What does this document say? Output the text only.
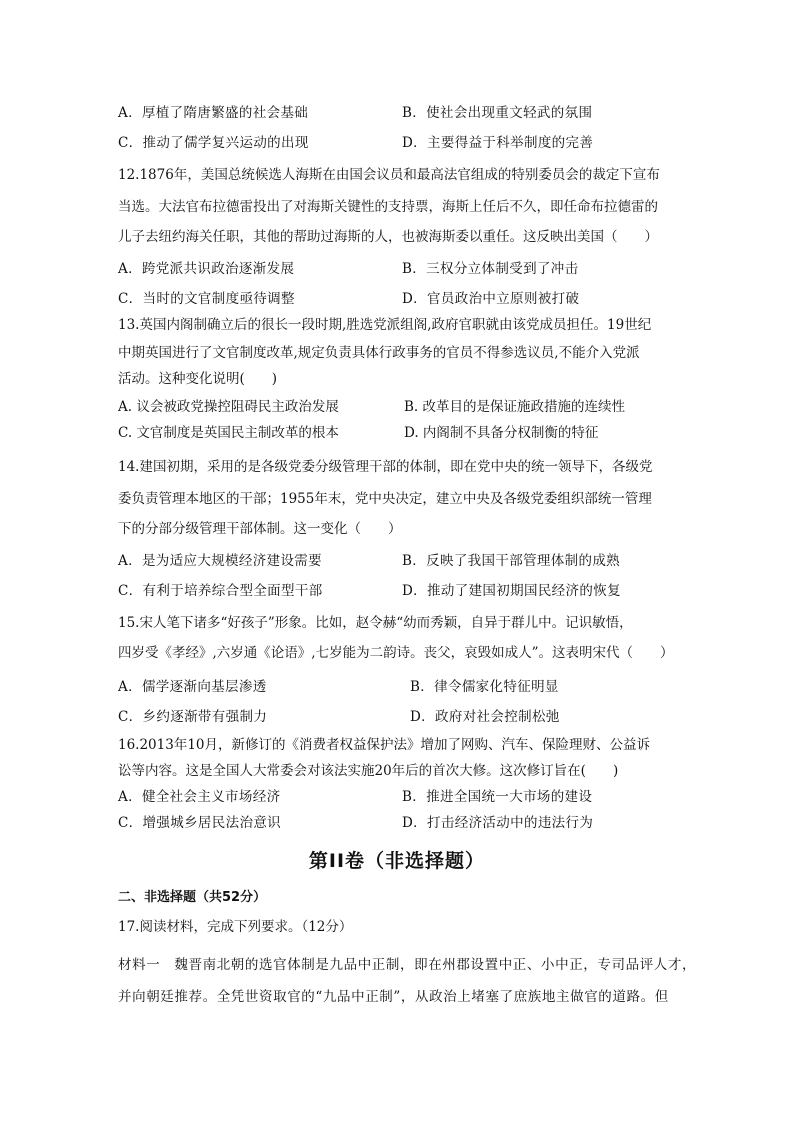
A．厚植了隋唐繁盛的社会基础	B．使社会出现重文轻武的氛围
C．推动了儒学复兴运动的出现	D．主要得益于科举制度的完善
12.1876年，美国总统候选人海斯在由国会议员和最高法官组成的特别委员会的裁定下宣布
当选。大法官布拉德雷投出了对海斯关键性的支持票，海斯上任后不久，即任命布拉德雷的
儿子去纽约海关任职，其他的帮助过海斯的人，也被海斯委以重任。这反映出美国（　　）
A．跨党派共识政治逐渐发展	B．三权分立体制受到了冲击
C．当时的文官制度亟待调整	D．官员政治中立原则被打破
13.英国内阁制确立后的很长一段时期,胜选党派组阁,政府官职就由该党成员担任。19世纪
中期英国进行了文官制度改革,规定负责具体行政事务的官员不得参选议员,不能介入党派
活动。这种变化说明(　　)
A. 议会被政党操控阻碍民主政治发展	B. 改革目的是保证施政措施的连续性
C. 文官制度是英国民主制改革的根本	D. 内阁制不具备分权制衡的特征
14.建国初期，采用的是各级党委分级管理干部的体制，即在党中央的统一领导下，各级党
委负责管理本地区的干部；1955年末，党中央决定，建立中央及各级党委组织部统一管理
下的分部分级管理干部体制。这一变化（　　）
A．是为适应大规模经济建设需要	B．反映了我国干部管理体制的成熟
C．有利于培养综合型全面型干部	D．推动了建国初期国民经济的恢复
15.宋人笔下诸多“好孩子”形象。比如，赵令赫“幼而秀颖，自异于群儿中。记识敏悟，
四岁受《孝经》,六岁通《论语》,七岁能为二韵诗。丧父，哀毁如成人”。这表明宋代（　　）
A．儒学逐渐向基层渗透	B．律令儒家化特征明显
C．乡约逐渐带有强制力	D．政府对社会控制松弛
16.2013年10月，新修订的《消费者权益保护法》增加了网购、汽车、保险理财、公益诉
讼等内容。这是全国人大常委会对该法实施20年后的首次大修。这次修订旨在(　　)
A．健全社会主义市场经济	B．推进全国统一大市场的建设
C．增强城乡居民法治意识	D．打击经济活动中的违法行为
第II卷（非选择题）
二、非选择题（共52分）
17.阅读材料，完成下列要求。（12分）
材料一　魏晋南北朝的选官体制是九品中正制，即在州郡设置中正、小中正，专司品评人才，
并向朝廷推荐。全凭世资取官的“九品中正制”，从政治上堵塞了庶族地主做官的道路。但
